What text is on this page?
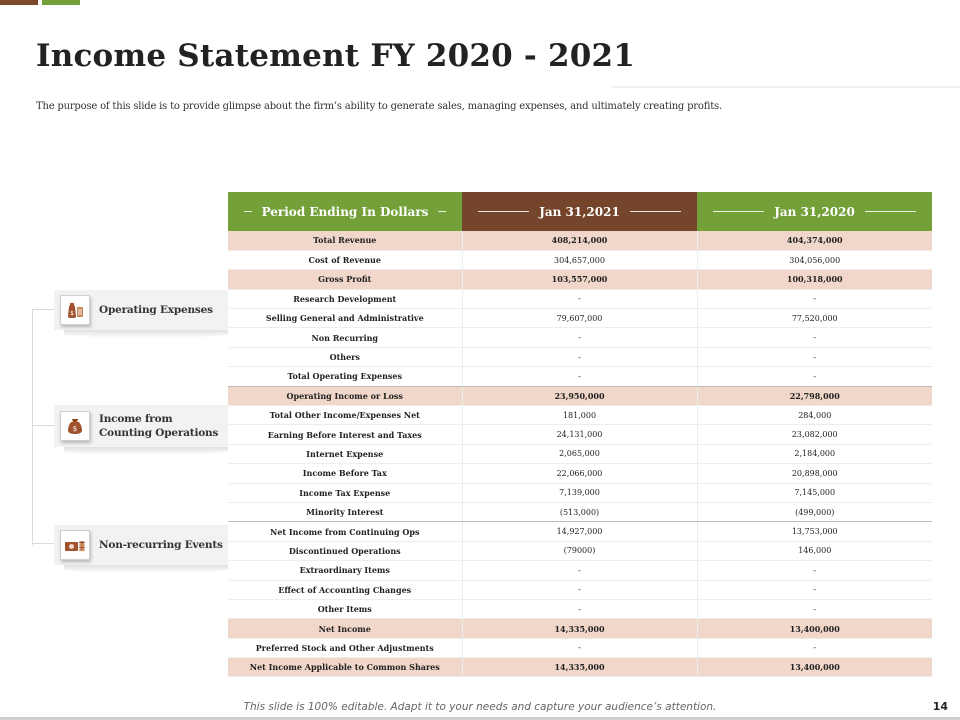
Income Statement FY 2020 - 2021
The purpose of this slide is to provide glimpse about the firm’s ability to generate sales, managing expenses, and ultimately creating profits.
$ Operating Expenses
$
Income from
Counting Operations
Non-recurring Events
Period Ending In Dollars	Jan 31,2021	Jan 31,2020

Total Revenue	408,214,000	404,374,000
Cost of Revenue	304,657,000	304,056,000
Gross Profit	103,557,000	100,318,000
Research Development	-	-
Selling General and Administrative	79,607,000	77,520,000
Non Recurring	-	-
Others	-	-
Total Operating Expenses	-	-
Operating Income or Loss	23,950,000	22,798,000
Total Other Income/Expenses Net	181,000	284,000
Earning Before Interest and Taxes	24,131,000	23,082,000
Internet Expense	2,065,000	2,184,000
Income Before Tax	22,066,000	20,898,000
Income Tax Expense	7,139,000	7,145,000
Minority Interest	(513,000)	(499,000)
Net Income from Continuing Ops	14,927,000	13,753,000
Discontinued Operations	(79000)	146,000
Extraordinary Items	-	-
Effect of Accounting Changes	-	-
Other Items	-	-
Net Income	14,335,000	13,400,000
Preferred Stock and Other Adjustments	-	-
Net Income Applicable to Common Shares	14,335,000	13,400,000
This slide is 100% editable. Adapt it to your needs and capture your audience’s attention.	14
